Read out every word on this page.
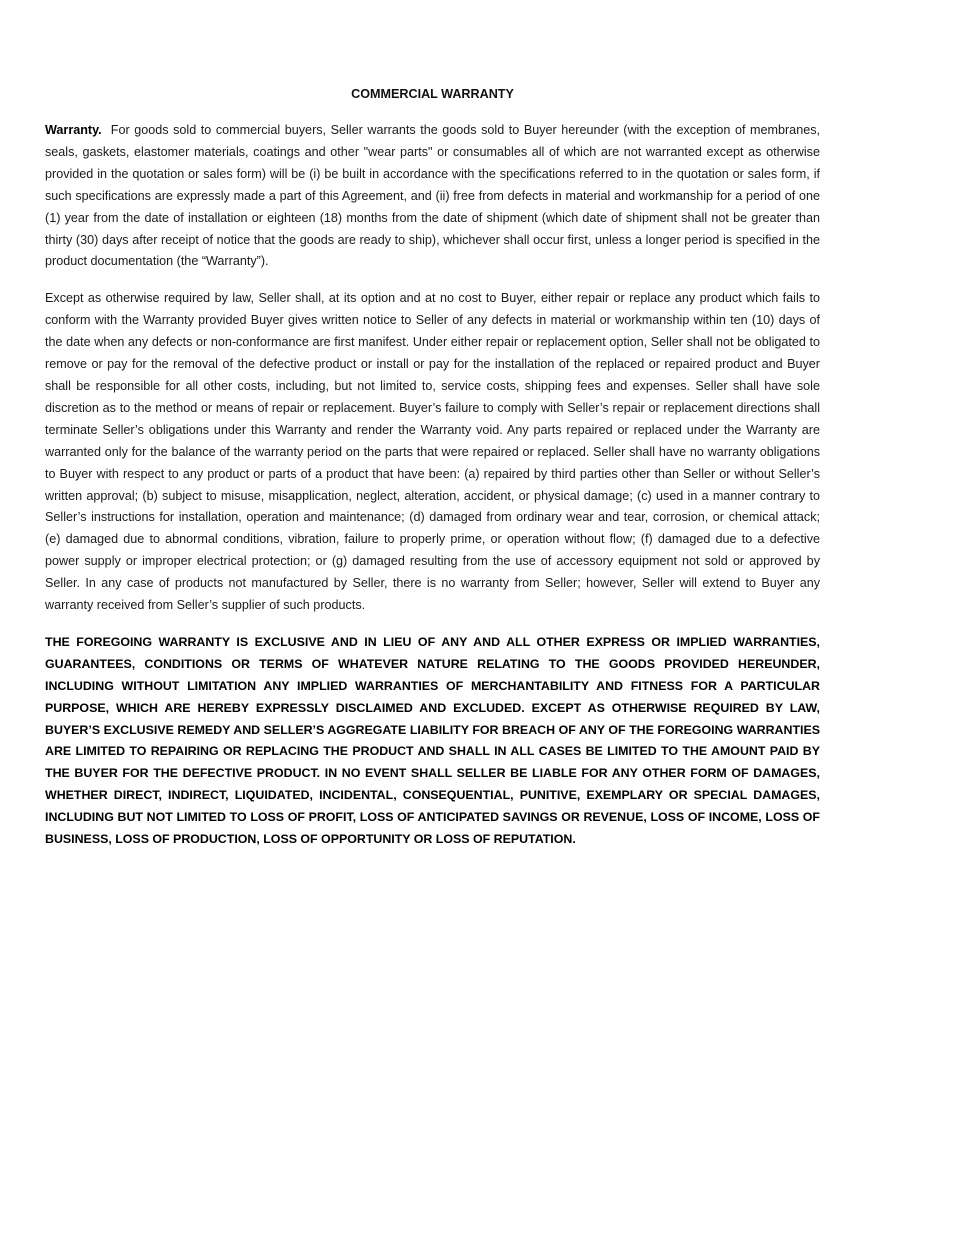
COMMERCIAL WARRANTY

Warranty. For goods sold to commercial buyers, Seller warrants the goods sold to Buyer hereunder (with the exception of membranes, seals, gaskets, elastomer materials, coatings and other "wear parts" or consumables all of which are not warranted except as otherwise provided in the quotation or sales form) will be (i) be built in accordance with the specifications referred to in the quotation or sales form, if such specifications are expressly made a part of this Agreement, and (ii) free from defects in material and workmanship for a period of one (1) year from the date of installation or eighteen (18) months from the date of shipment (which date of shipment shall not be greater than thirty (30) days after receipt of notice that the goods are ready to ship), whichever shall occur first, unless a longer period is specified in the product documentation (the “Warranty”).

Except as otherwise required by law, Seller shall, at its option and at no cost to Buyer, either repair or replace any product which fails to conform with the Warranty provided Buyer gives written notice to Seller of any defects in material or workmanship within ten (10) days of the date when any defects or non-conformance are first manifest. Under either repair or replacement option, Seller shall not be obligated to remove or pay for the removal of the defective product or install or pay for the installation of the replaced or repaired product and Buyer shall be responsible for all other costs, including, but not limited to, service costs, shipping fees and expenses. Seller shall have sole discretion as to the method or means of repair or replacement. Buyer’s failure to comply with Seller’s repair or replacement directions shall terminate Seller’s obligations under this Warranty and render the Warranty void. Any parts repaired or replaced under the Warranty are warranted only for the balance of the warranty period on the parts that were repaired or replaced. Seller shall have no warranty obligations to Buyer with respect to any product or parts of a product that have been: (a) repaired by third parties other than Seller or without Seller’s written approval; (b) subject to misuse, misapplication, neglect, alteration, accident, or physical damage; (c) used in a manner contrary to Seller’s instructions for installation, operation and maintenance; (d) damaged from ordinary wear and tear, corrosion, or chemical attack; (e) damaged due to abnormal conditions, vibration, failure to properly prime, or operation without flow; (f) damaged due to a defective power supply or improper electrical protection; or (g) damaged resulting from the use of accessory equipment not sold or approved by Seller. In any case of products not manufactured by Seller, there is no warranty from Seller; however, Seller will extend to Buyer any warranty received from Seller’s supplier of such products.

THE FOREGOING WARRANTY IS EXCLUSIVE AND IN LIEU OF ANY AND ALL OTHER EXPRESS OR IMPLIED WARRANTIES, GUARANTEES, CONDITIONS OR TERMS OF WHATEVER NATURE RELATING TO THE GOODS PROVIDED HEREUNDER, INCLUDING WITHOUT LIMITATION ANY IMPLIED WARRANTIES OF MERCHANTABILITY AND FITNESS FOR A PARTICULAR PURPOSE, WHICH ARE HEREBY EXPRESSLY DISCLAIMED AND EXCLUDED. EXCEPT AS OTHERWISE REQUIRED BY LAW, BUYER’S EXCLUSIVE REMEDY AND SELLER’S AGGREGATE LIABILITY FOR BREACH OF ANY OF THE FOREGOING WARRANTIES ARE LIMITED TO REPAIRING OR REPLACING THE PRODUCT AND SHALL IN ALL CASES BE LIMITED TO THE AMOUNT PAID BY THE BUYER FOR THE DEFECTIVE PRODUCT. IN NO EVENT SHALL SELLER BE LIABLE FOR ANY OTHER FORM OF DAMAGES, WHETHER DIRECT, INDIRECT, LIQUIDATED, INCIDENTAL, CONSEQUENTIAL, PUNITIVE, EXEMPLARY OR SPECIAL DAMAGES, INCLUDING BUT NOT LIMITED TO LOSS OF PROFIT, LOSS OF ANTICIPATED SAVINGS OR REVENUE, LOSS OF INCOME, LOSS OF BUSINESS, LOSS OF PRODUCTION, LOSS OF OPPORTUNITY OR LOSS OF REPUTATION.
